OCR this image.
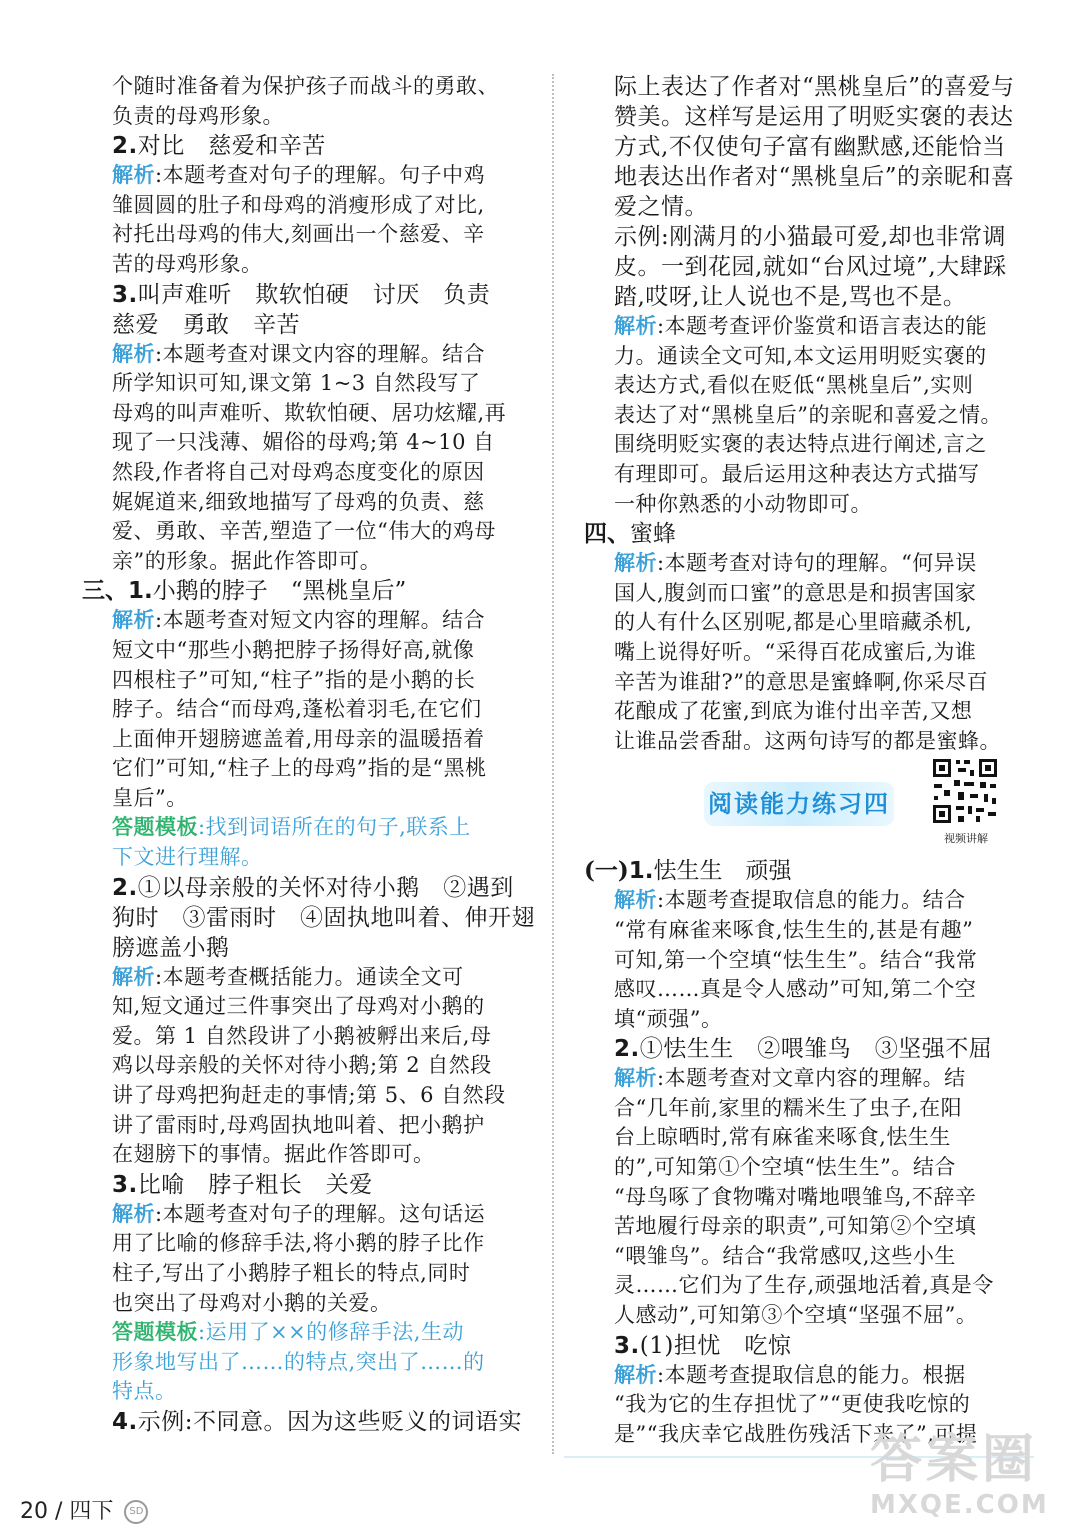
个随时准备着为保护孩子而战斗的勇敢、
负责的母鸡形象。
2.对比　慈爱和辛苦
解析:本题考查对句子的理解。句子中鸡
雏圆圆的肚子和母鸡的消瘦形成了对比,
衬托出母鸡的伟大,刻画出一个慈爱、辛
苦的母鸡形象。
3.叫声难听　欺软怕硬　讨厌　负责
慈爱　勇敢　辛苦
解析:本题考查对课文内容的理解。结合
所学知识可知,课文第 1~3 自然段写了
母鸡的叫声难听、欺软怕硬、居功炫耀,再
现了一只浅薄、媚俗的母鸡;第 4~10 自
然段,作者将自己对母鸡态度变化的原因
娓娓道来,细致地描写了母鸡的负责、慈
爱、勇敢、辛苦,塑造了一位“伟大的鸡母
亲”的形象。据此作答即可。
三、1.小鹅的脖子　“黑桃皇后”
解析:本题考查对短文内容的理解。结合
短文中“那些小鹅把脖子扬得好高,就像
四根柱子”可知,“柱子”指的是小鹅的长
脖子。结合“而母鸡,蓬松着羽毛,在它们
上面伸开翅膀遮盖着,用母亲的温暖捂着
它们”可知,“柱子上的母鸡”指的是“黑桃
皇后”。
答题模板:找到词语所在的句子,联系上
下文进行理解。
2.①以母亲般的关怀对待小鹅　②遇到
狗时　③雷雨时　④固执地叫着、伸开翅
膀遮盖小鹅
解析:本题考查概括能力。通读全文可
知,短文通过三件事突出了母鸡对小鹅的
爱。第 1 自然段讲了小鹅被孵出来后,母
鸡以母亲般的关怀对待小鹅;第 2 自然段
讲了母鸡把狗赶走的事情;第 5、6 自然段
讲了雷雨时,母鸡固执地叫着、把小鹅护
在翅膀下的事情。据此作答即可。
3.比喻　脖子粗长　关爱
解析:本题考查对句子的理解。这句话运
用了比喻的修辞手法,将小鹅的脖子比作
柱子,写出了小鹅脖子粗长的特点,同时
也突出了母鸡对小鹅的关爱。
答题模板:运用了××的修辞手法,生动
形象地写出了……的特点,突出了……的
特点。
4.示例:不同意。因为这些贬义的词语实
际上表达了作者对“黑桃皇后”的喜爱与
赞美。这样写是运用了明贬实褒的表达
方式,不仅使句子富有幽默感,还能恰当
地表达出作者对“黑桃皇后”的亲昵和喜
爱之情。
示例:刚满月的小猫最可爱,却也非常调
皮。一到花园,就如“台风过境”,大肆踩
踏,哎呀,让人说也不是,骂也不是。
解析:本题考查评价鉴赏和语言表达的能
力。通读全文可知,本文运用明贬实褒的
表达方式,看似在贬低“黑桃皇后”,实则
表达了对“黑桃皇后”的亲昵和喜爱之情。
围绕明贬实褒的表达特点进行阐述,言之
有理即可。最后运用这种表达方式描写
一种你熟悉的小动物即可。
四、蜜蜂
解析:本题考查对诗句的理解。“何异误
国人,腹剑而口蜜”的意思是和损害国家
的人有什么区别呢,都是心里暗藏杀机,
嘴上说得好听。“采得百花成蜜后,为谁
辛苦为谁甜?”的意思是蜜蜂啊,你采尽百
花酿成了花蜜,到底为谁付出辛苦,又想
让谁品尝香甜。这两句诗写的都是蜜蜂。
阅读能力练习四
视频讲解
(一)1.怯生生　顽强
解析:本题考查提取信息的能力。结合
“常有麻雀来啄食,怯生生的,甚是有趣”
可知,第一个空填“怯生生”。结合“我常
感叹……真是令人感动”可知,第二个空
填“顽强”。
2.①怯生生　②喂雏鸟　③坚强不屈
解析:本题考查对文章内容的理解。结
合“几年前,家里的糯米生了虫子,在阳
台上晾晒时,常有麻雀来啄食,怯生生
的”,可知第①个空填“怯生生”。结合
“母鸟啄了食物嘴对嘴地喂雏鸟,不辞辛
苦地履行母亲的职责”,可知第②个空填
“喂雏鸟”。结合“我常感叹,这些小生
灵……它们为了生存,顽强地活着,真是令
人感动”,可知第③个空填“坚强不屈”。
3.(1)担忧　吃惊
解析:本题考查提取信息的能力。根据
“我为它的生存担忧了”“更使我吃惊的
是”“我庆幸它战胜伤残活下来了”,可提
20 / 四下 SD
答案圈
MXQE.COM
